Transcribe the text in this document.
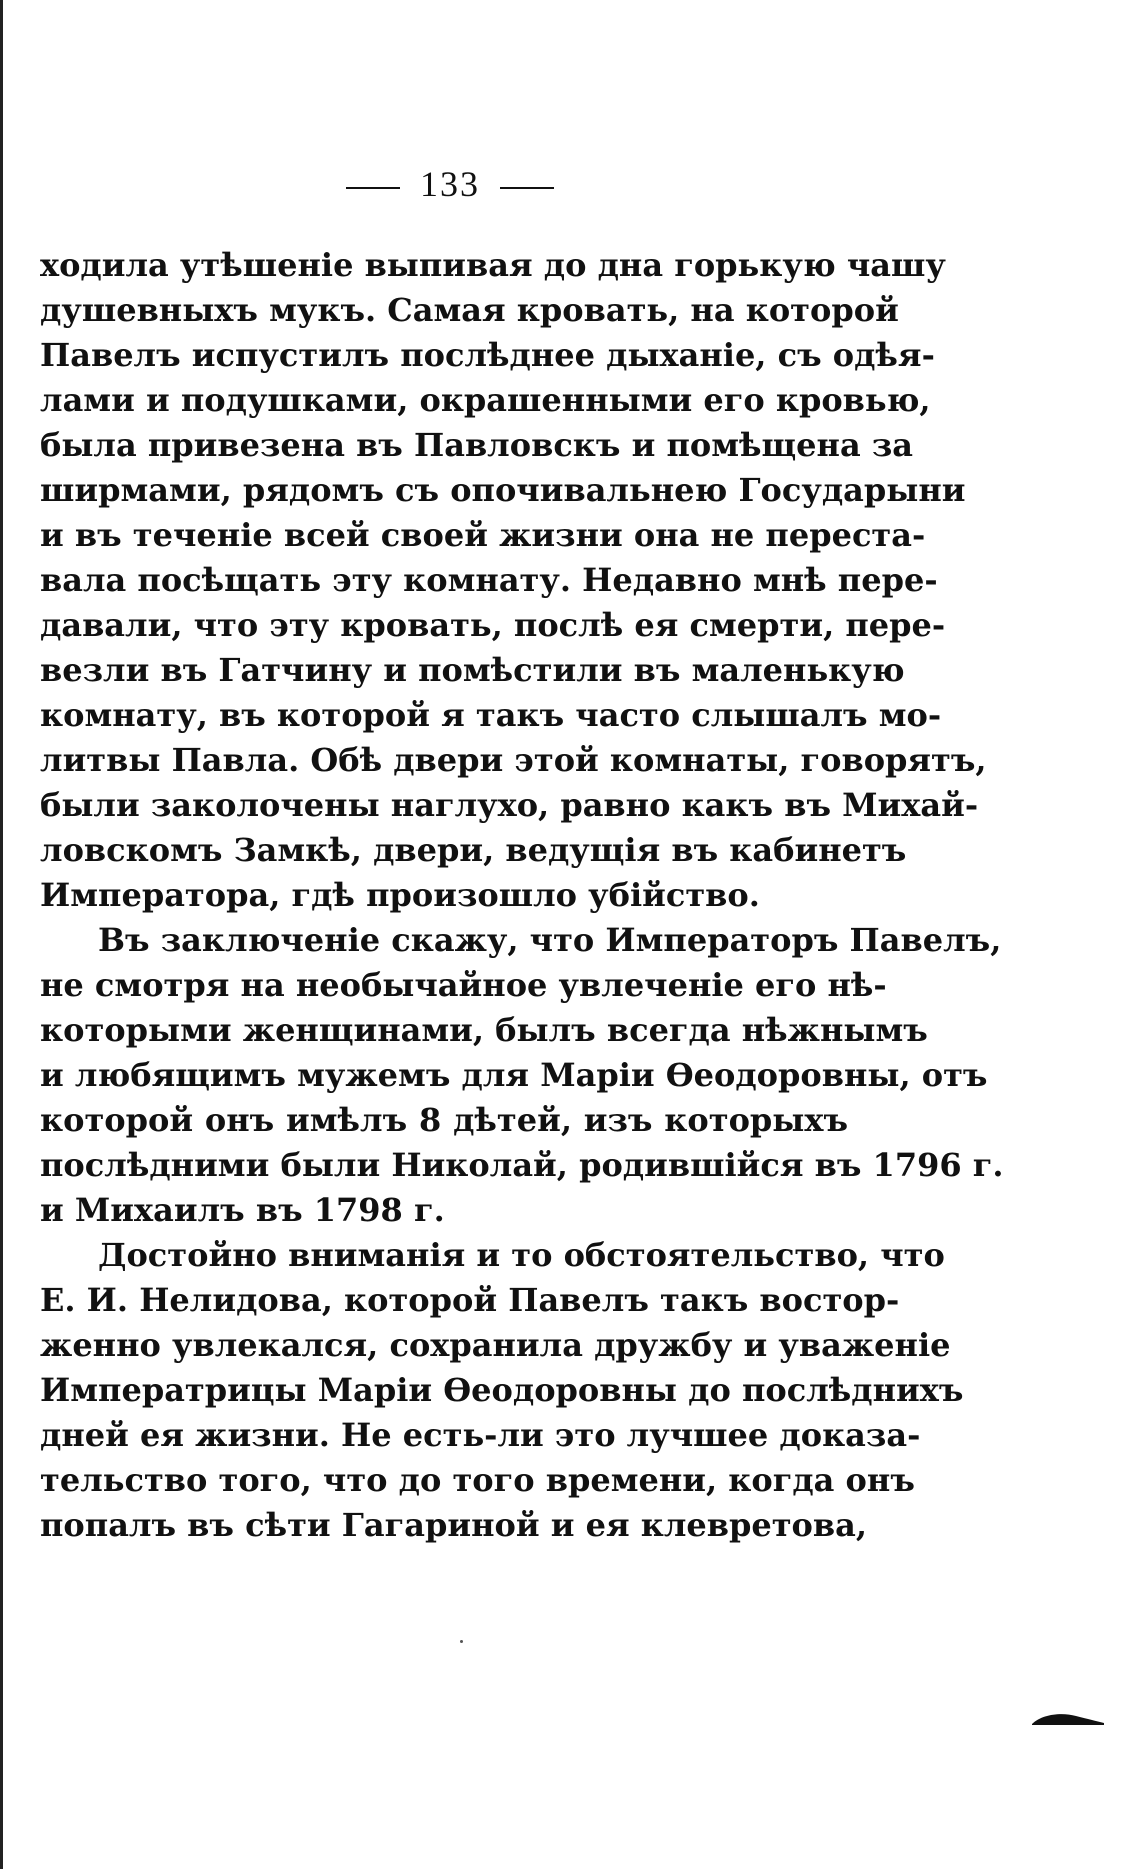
133
ходила утѣшеніе выпивая до дна горькую чашу
душевныхъ мукъ. Самая кровать, на которой
Павелъ испустилъ послѣднее дыханіе, съ одѣя-
лами и подушками, окрашенными его кровью,
была привезена въ Павловскъ и помѣщена за
ширмами, рядомъ съ опочивальнею Государыни
и въ теченіе всей своей жизни она не переста-
вала посѣщать эту комнату. Недавно мнѣ пере-
давали, что эту кровать, послѣ ея смерти, пере-
везли въ Гатчину и помѣстили въ маленькую
комнату, въ которой я такъ часто слышалъ мо-
литвы Павла. Обѣ двери этой комнаты, говорятъ,
были заколочены наглухо, равно какъ въ Михай-
ловскомъ Замкѣ, двери, ведущія въ кабинетъ
Императора, гдѣ произошло убійство.
Въ заключеніе скажу, что Императоръ Павелъ,
не смотря на необычайное увлеченіе его нѣ-
которыми женщинами, былъ всегда нѣжнымъ
и любящимъ мужемъ для Маріи Ѳеодоровны, отъ
которой онъ имѣлъ 8 дѣтей, изъ которыхъ
послѣдними были Николай, родившійся въ 1796 г.
и Михаилъ въ 1798 г.
Достойно вниманія и то обстоятельство, что
Е. И. Нелидова, которой Павелъ такъ востор-
женно увлекался, сохранила дружбу и уваженіе
Императрицы Маріи Ѳеодоровны до послѣднихъ
дней ея жизни. Не есть-ли это лучшее доказа-
тельство того, что до того времени, когда онъ
попалъ въ сѣти Гагариной и ея клевретова,
